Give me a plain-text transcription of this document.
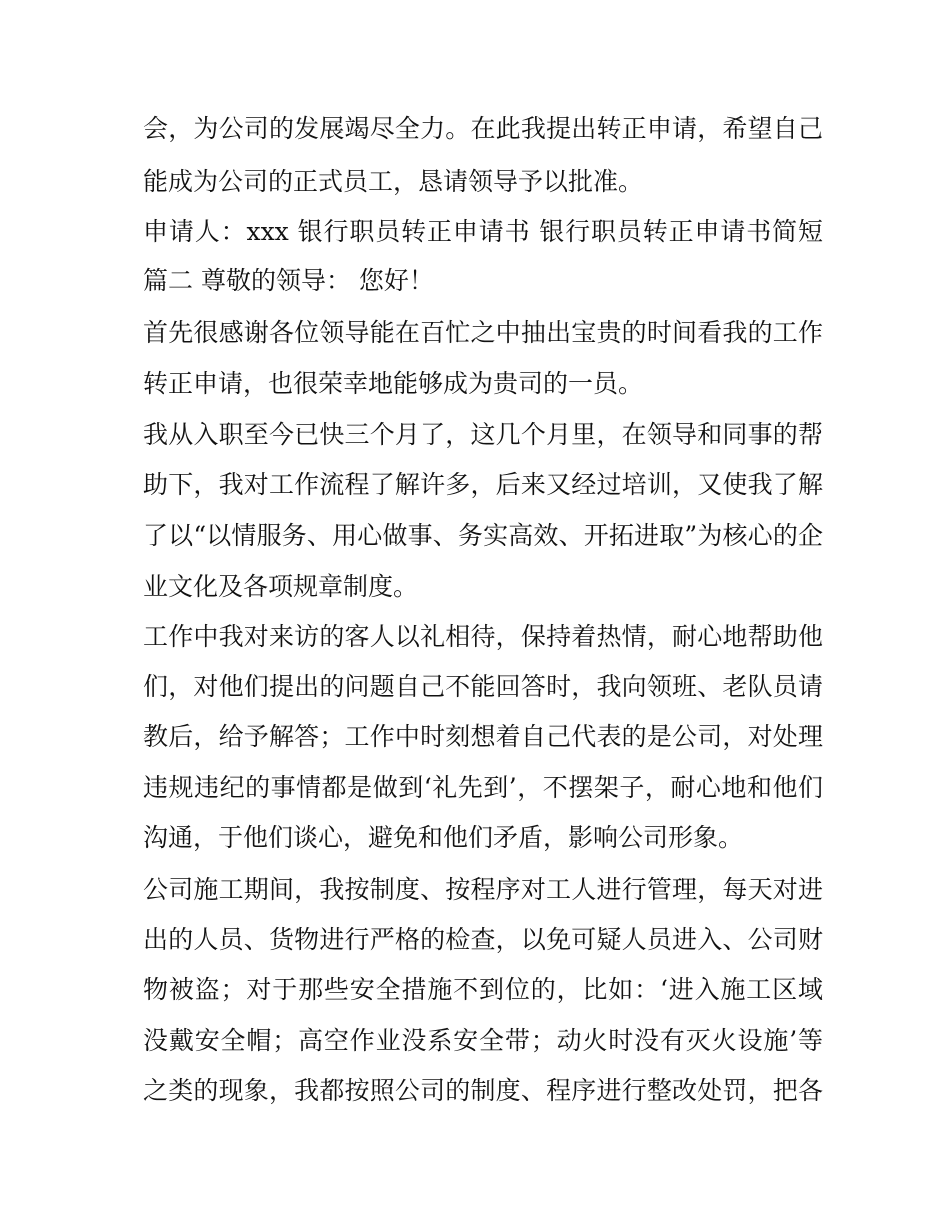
会，为公司的发展竭尽全力。在此我提出转正申请，希望自己
能成为公司的正式员工，恳请领导予以批准。
申请人：xxx 银行职员转正申请书 银行职员转正申请书简短
篇二 尊敬的领导： 您好！
首先很感谢各位领导能在百忙之中抽出宝贵的时间看我的工作
转正申请，也很荣幸地能够成为贵司的一员。
我从入职至今已快三个月了，这几个月里，在领导和同事的帮
助下，我对工作流程了解许多，后来又经过培训，又使我了解
了以“以情服务、用心做事、务实高效、开拓进取”为核心的企
业文化及各项规章制度。
工作中我对来访的客人以礼相待，保持着热情，耐心地帮助他
们，对他们提出的问题自己不能回答时，我向领班、老队员请
教后，给予解答；工作中时刻想着自己代表的是公司，对处理
违规违纪的事情都是做到‘礼先到’，不摆架子，耐心地和他们
沟通，于他们谈心，避免和他们矛盾，影响公司形象。
公司施工期间，我按制度、按程序对工人进行管理，每天对进
出的人员、货物进行严格的检查，以免可疑人员进入、公司财
物被盗；对于那些安全措施不到位的，比如：‘进入施工区域
没戴安全帽；高空作业没系安全带；动火时没有灭火设施’等
之类的现象，我都按照公司的制度、程序进行整改处罚，把各
